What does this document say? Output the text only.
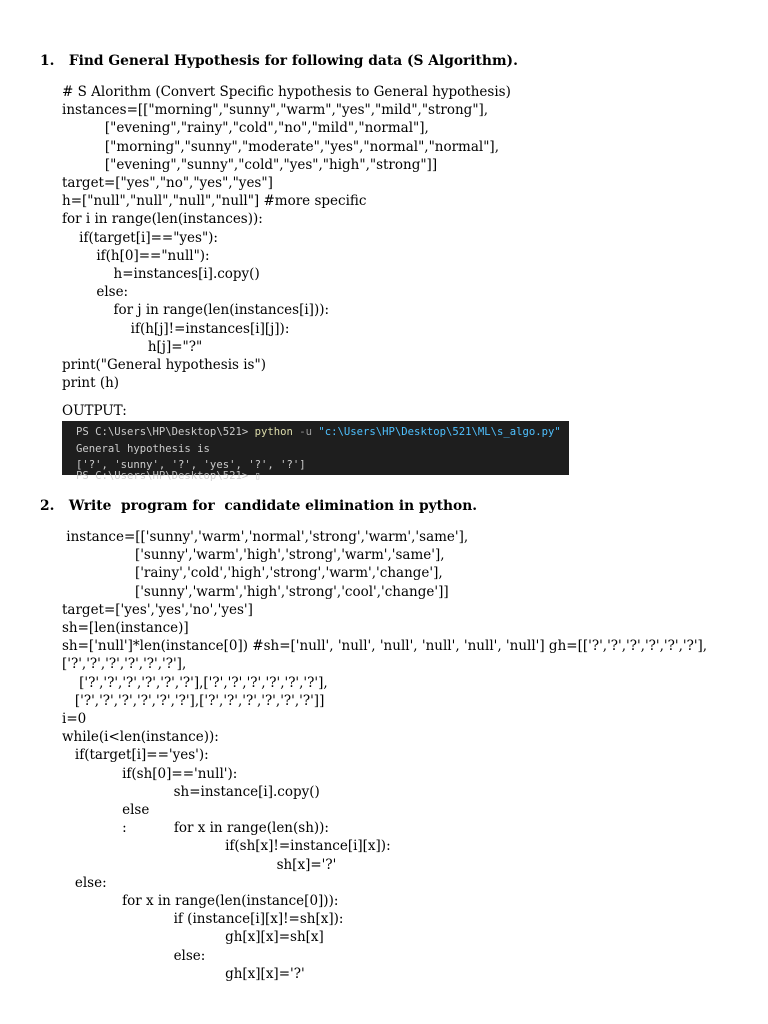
1.   Find General Hypothesis for following data (S Algorithm).
# S Alorithm (Convert Specific hypothesis to General hypothesis)
instances=[["morning","sunny","warm","yes","mild","strong"],
["evening","rainy","cold","no","mild","normal"],
["morning","sunny","moderate","yes","normal","normal"],
["evening","sunny","cold","yes","high","strong"]]
target=["yes","no","yes","yes"]
h=["null","null","null","null"] #more specific
for i in range(len(instances)):
if(target[i]=="yes"):
if(h[0]=="null"):
h=instances[i].copy()
else:
for j in range(len(instances[i])):
if(h[j]!=instances[i][j]):
h[j]="?"
print("General hypothesis is")
print (h)
OUTPUT:
PS C:\Users\HP\Desktop\521> python -u "c:\Users\HP\Desktop\521\ML\s_algo.py"
General hypothesis is
['?', 'sunny', '?', 'yes', '?', '?']
PS C:\Users\HP\Desktop\521> ▯
2.   Write  program for  candidate elimination in python.
instance=[['sunny','warm','normal','strong','warm','same'],
['sunny','warm','high','strong','warm','same'],
['rainy','cold','high','strong','warm','change'],
['sunny','warm','high','strong','cool','change']]
target=['yes','yes','no','yes']
sh=[len(instance)]
sh=['null']*len(instance[0]) #sh=['null', 'null', 'null', 'null', 'null', 'null'] gh=[['?','?','?','?','?','?'],
['?','?','?','?','?','?'],
['?','?','?','?','?','?'],['?','?','?','?','?','?'],
['?','?','?','?','?','?'],['?','?','?','?','?','?']]
i=0
while(i<len(instance)):
if(target[i]=='yes'):
if(sh[0]=='null'):
sh=instance[i].copy()
else
:           for x in range(len(sh)):
if(sh[x]!=instance[i][x]):
sh[x]='?'
else:
for x in range(len(instance[0])):
if (instance[i][x]!=sh[x]):
gh[x][x]=sh[x]
else:
gh[x][x]='?'
